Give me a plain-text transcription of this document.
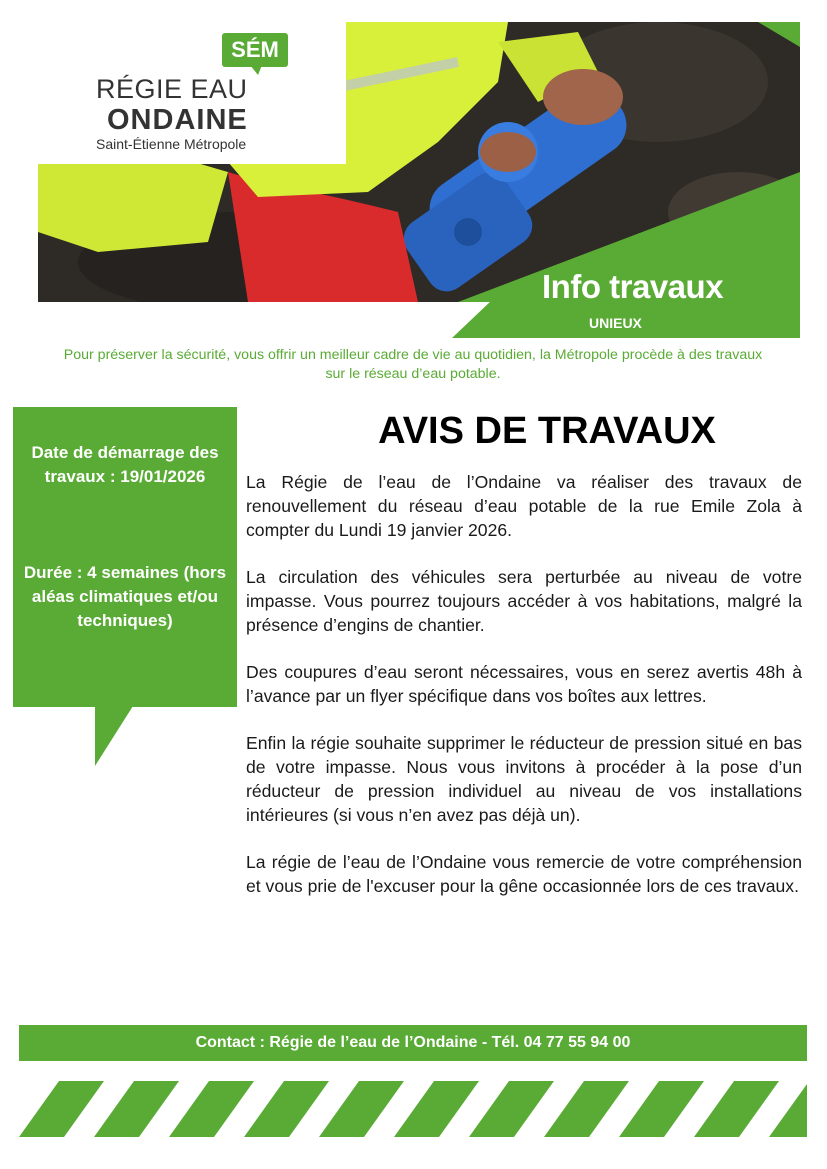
SÉM
RÉGIE EAU
ONDAINE
Saint-Étienne Métropole
Info travaux
UNIEUX
Pour préserver la sécurité, vous offrir un meilleur cadre de vie au quotidien, la Métropole procède à des travaux sur le réseau d’eau potable.

Date de démarrage des travaux : 19/01/2026

Durée : 4 semaines (hors aléas climatiques et/ou techniques)

AVIS DE TRAVAUX

La Régie de l’eau de l’Ondaine va réaliser des travaux de renouvellement du réseau d’eau potable de la rue Emile Zola à compter du Lundi 19 janvier 2026.

La circulation des véhicules sera perturbée au niveau de votre impasse. Vous pourrez toujours accéder à vos habitations, malgré la présence d’engins de chantier.

Des coupures d’eau seront nécessaires, vous en serez avertis 48h à l’avance par un flyer spécifique dans vos boîtes aux lettres.

Enfin la régie souhaite supprimer le réducteur de pression situé en bas de votre impasse. Nous vous invitons à procéder à la pose d’un réducteur de pression individuel au niveau de vos installations intérieures (si vous n’en avez pas déjà un).

La régie de l’eau de l’Ondaine vous remercie de votre compréhension et vous prie de l'excuser pour la gêne occasionnée lors de ces travaux.

Contact : Régie de l’eau de l’Ondaine - Tél. 04 77 55 94 00
